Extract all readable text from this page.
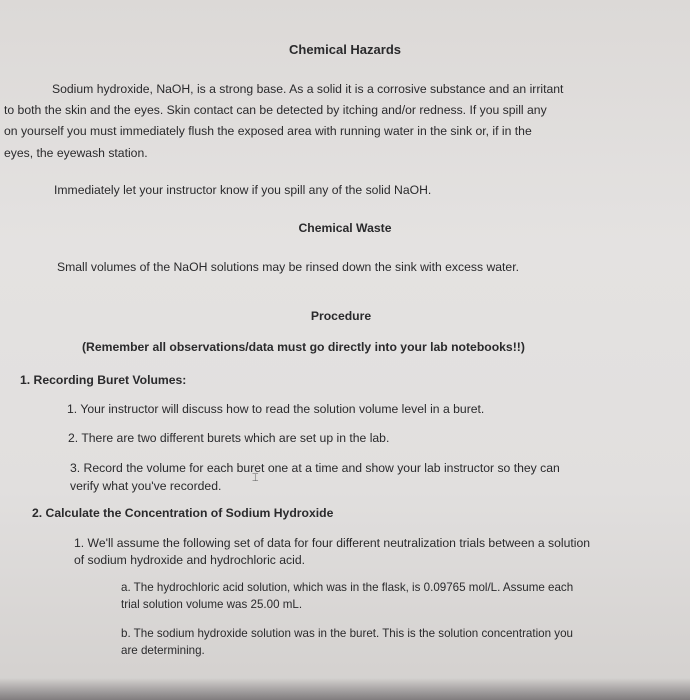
Chemical Hazards
Sodium hydroxide, NaOH, is a strong base. As a solid it is a corrosive substance and an irritant
to both the skin and the eyes. Skin contact can be detected by itching and/or redness. If you spill any
on yourself you must immediately flush the exposed area with running water in the sink or, if in the
eyes, the eyewash station.
Immediately let your instructor know if you spill any of the solid NaOH.
Chemical Waste
Small volumes of the NaOH solutions may be rinsed down the sink with excess water.
Procedure
(Remember all observations/data must go directly into your lab notebooks!!)
1. Recording Buret Volumes:
1. Your instructor will discuss how to read the solution volume level in a buret.
2. There are two different burets which are set up in the lab.
3. Record the volume for each buret one at a time and show your lab instructor so they can
verify what you've recorded.
⌶
2. Calculate the Concentration of Sodium Hydroxide
1. We'll assume the following set of data for four different neutralization trials between a solution
of sodium hydroxide and hydrochloric acid.
a. The hydrochloric acid solution, which was in the flask, is 0.09765 mol/L. Assume each
trial solution volume was 25.00 mL.
b. The sodium hydroxide solution was in the buret. This is the solution concentration you
are determining.
